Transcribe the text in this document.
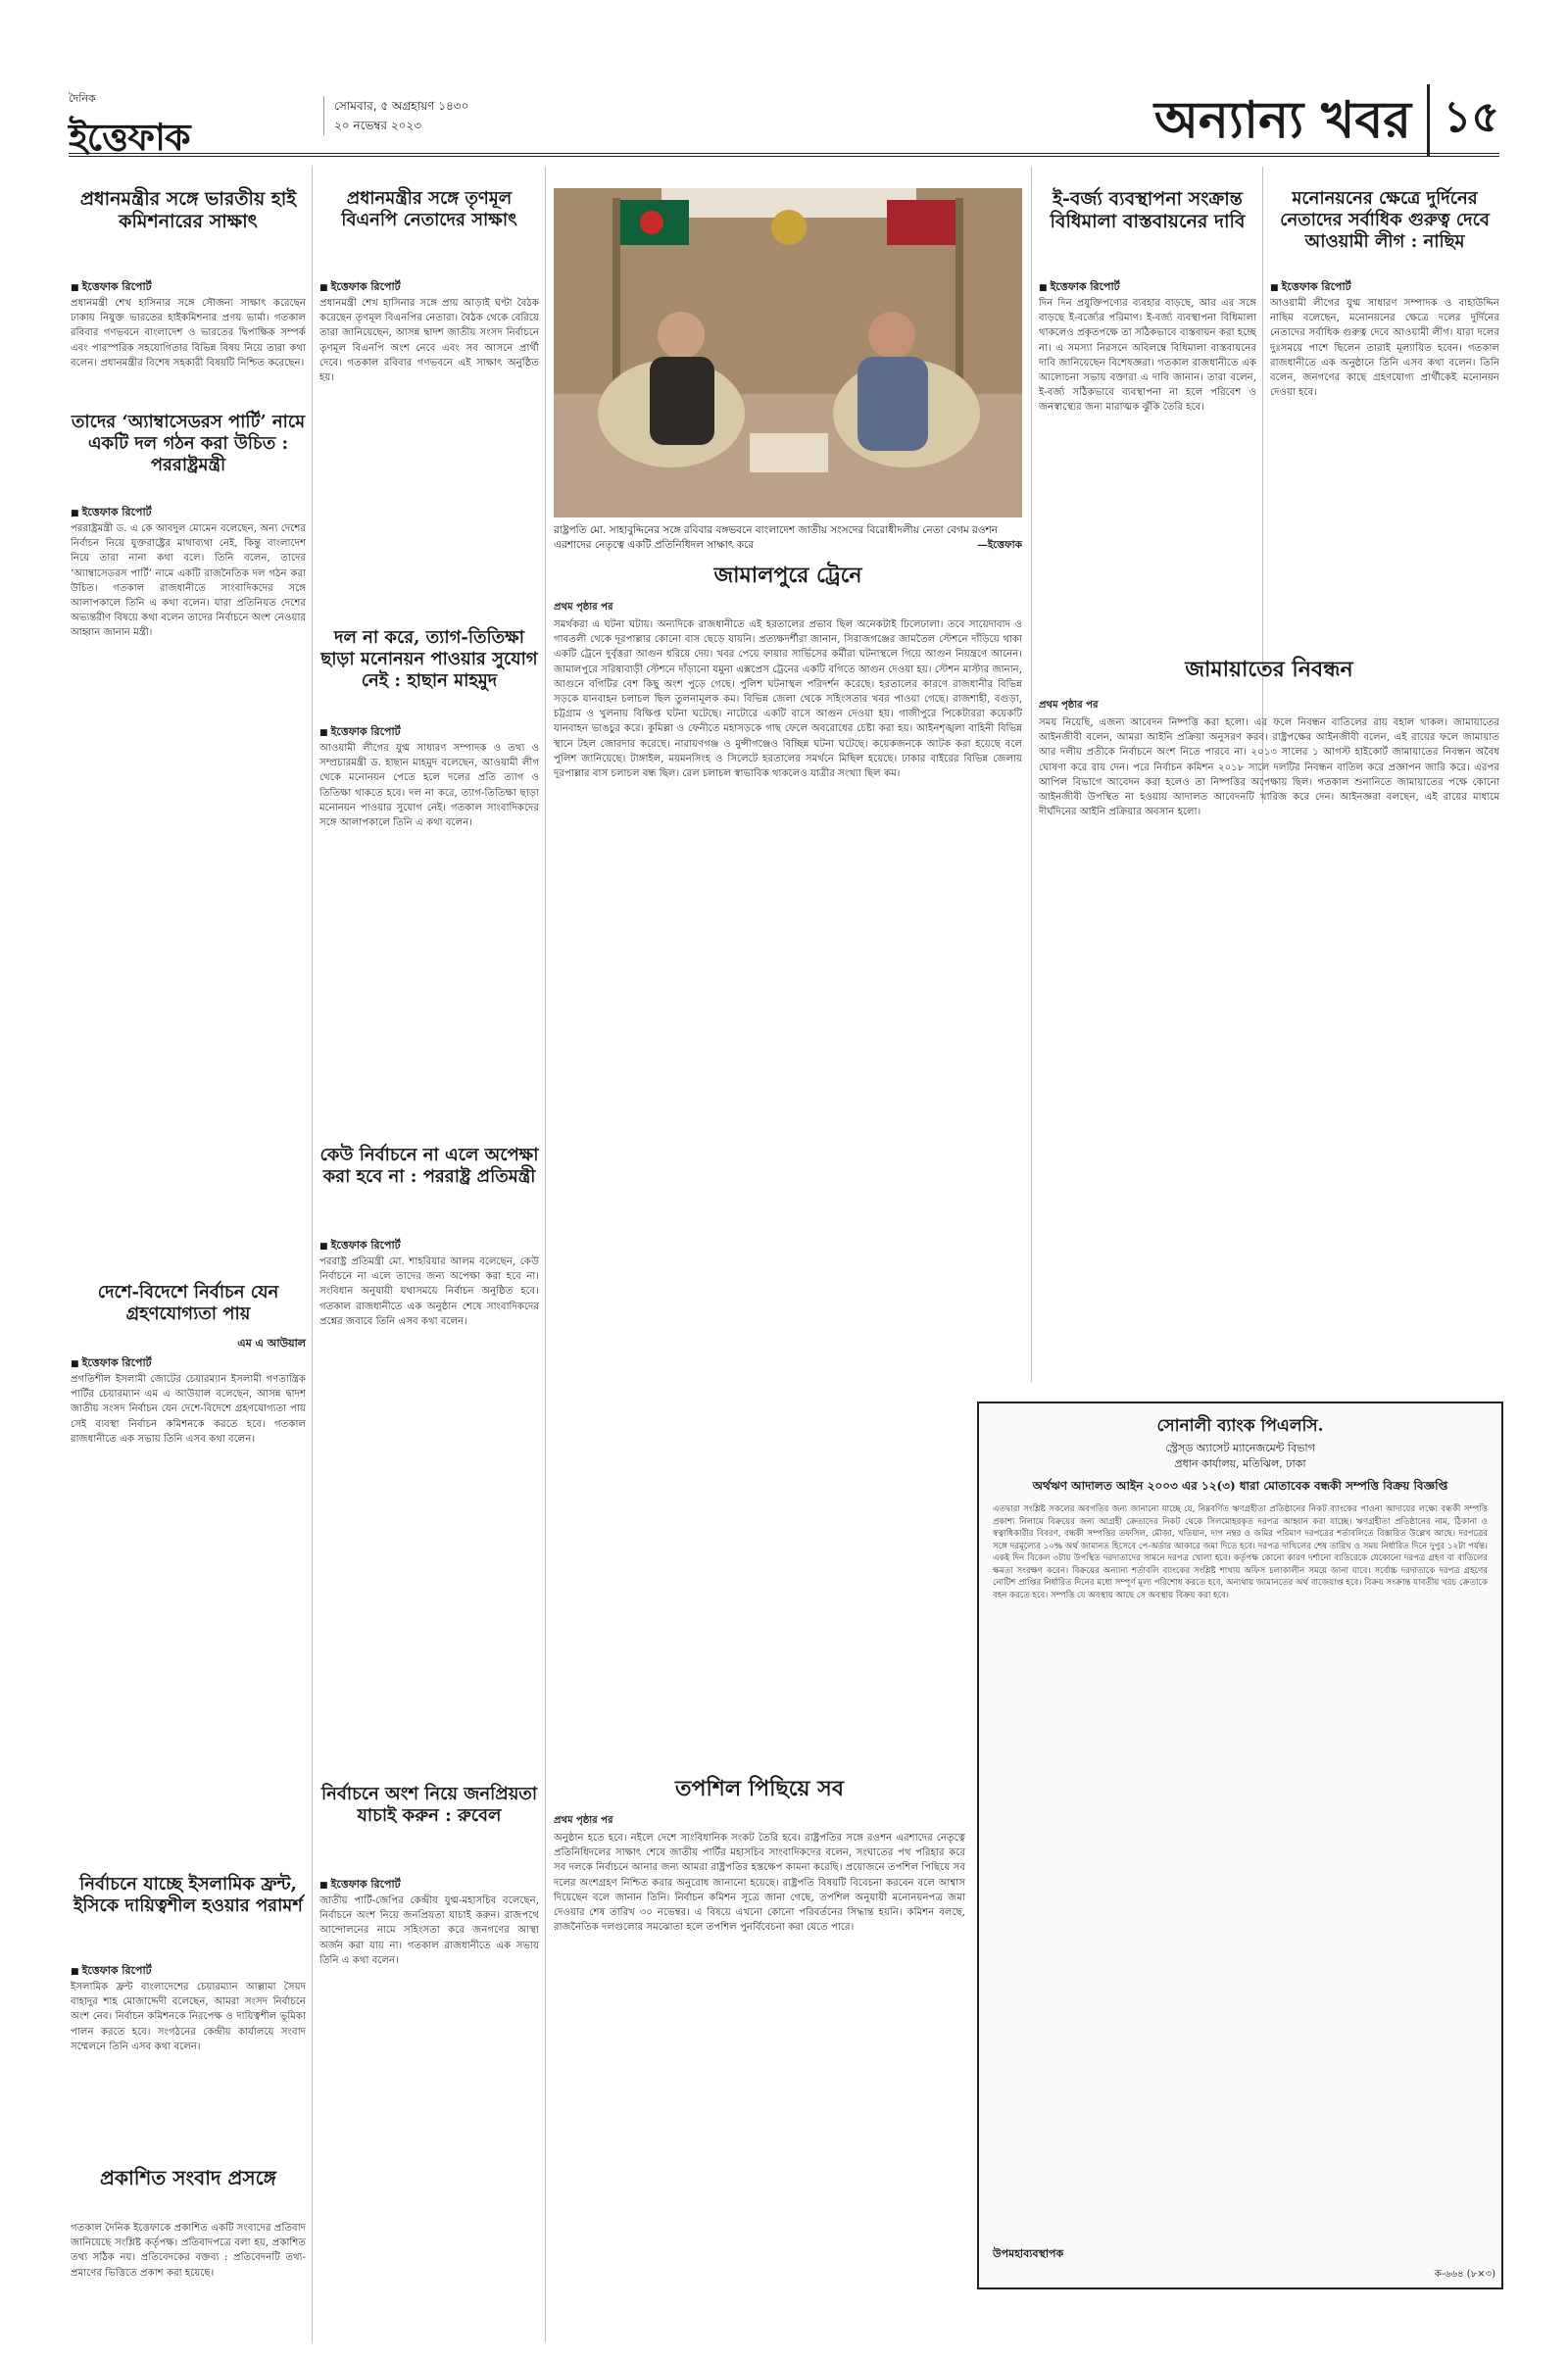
দৈনিক
ইত্তেফাক
সোমবার, ৫ অগ্রহায়ণ ১৪৩০
২০ নভেম্বর ২০২৩	অন্যান্য খবর ১৫
প্রধানমন্ত্রীর সঙ্গে ভারতীয় হাই কমিশনারের সাক্ষাৎ
■ ইত্তেফাক রিপোর্ট
প্রধানমন্ত্রী শেখ হাসিনার সঙ্গে সৌজন্য সাক্ষাৎ করেছেন ঢাকায় নিযুক্ত ভারতের হাইকমিশনার প্রণয় ভার্মা। গতকাল রবিবার গণভবনে বাংলাদেশ ও ভারতের দ্বিপাক্ষিক সম্পর্ক এবং পারস্পরিক সহযোগিতার বিভিন্ন বিষয় নিয়ে তারা কথা বলেন। প্রধানমন্ত্রীর বিশেষ সহকারী বিষয়টি নিশ্চিত করেছেন।
তাদের ‘অ্যাম্বাসেডরস পার্টি’ নামে একটি দল গঠন করা উচিত : পররাষ্ট্রমন্ত্রী
■ ইত্তেফাক রিপোর্ট
পররাষ্ট্রমন্ত্রী ড. এ কে আবদুল মোমেন বলেছেন, অন্য দেশের নির্বাচন নিয়ে যুক্তরাষ্ট্রের মাথাব্যথা নেই, কিন্তু বাংলাদেশ নিয়ে তারা নানা কথা বলে। তিনি বলেন, তাদের ‘অ্যাম্বাসেডরস পার্টি’ নামে একটি রাজনৈতিক দল গঠন করা উচিত। গতকাল রাজধানীতে সাংবাদিকদের সঙ্গে আলাপকালে তিনি এ কথা বলেন। যারা প্রতিনিয়ত দেশের অভ্যন্তরীণ বিষয়ে কথা বলেন তাদের নির্বাচনে অংশ নেওয়ার আহ্বান জানান মন্ত্রী।
দেশে-বিদেশে নির্বাচন যেন গ্রহণযোগ্যতা পায়
এম এ আউয়াল
■ ইত্তেফাক রিপোর্ট
প্রগতিশীল ইসলামী জোটের চেয়ারম্যান ইসলামী গণতান্ত্রিক পার্টির চেয়ারম্যান এম এ আউয়াল বলেছেন, আসন্ন দ্বাদশ জাতীয় সংসদ নির্বাচন যেন দেশে-বিদেশে গ্রহণযোগ্যতা পায় সেই ব্যবস্থা নির্বাচন কমিশনকে করতে হবে। গতকাল রাজধানীতে এক সভায় তিনি এসব কথা বলেন।
নির্বাচনে যাচ্ছে ইসলামিক ফ্রন্ট, ইসিকে দায়িত্বশীল হওয়ার পরামর্শ
■ ইত্তেফাক রিপোর্ট
ইসলামিক ফ্রন্ট বাংলাদেশের চেয়ারম্যান আল্লামা সৈয়দ বাহাদুর শাহ মোজাদ্দেদী বলেছেন, আমরা সংসদ নির্বাচনে অংশ নেব। নির্বাচন কমিশনকে নিরপেক্ষ ও দায়িত্বশীল ভূমিকা পালন করতে হবে। সংগঠনের কেন্দ্রীয় কার্যালয়ে সংবাদ সম্মেলনে তিনি এসব কথা বলেন।
প্রকাশিত সংবাদ প্রসঙ্গে
গতকাল দৈনিক ইত্তেফাকে প্রকাশিত একটি সংবাদের প্রতিবাদ জানিয়েছে সংশ্লিষ্ট কর্তৃপক্ষ। প্রতিবাদপত্রে বলা হয়, প্রকাশিত তথ্য সঠিক নয়। প্রতিবেদকের বক্তব্য : প্রতিবেদনটি তথ্য-প্রমাণের ভিত্তিতে প্রকাশ করা হয়েছে।
প্রধানমন্ত্রীর সঙ্গে তৃণমূল বিএনপি নেতাদের সাক্ষাৎ
■ ইত্তেফাক রিপোর্ট
প্রধানমন্ত্রী শেখ হাসিনার সঙ্গে প্রায় আড়াই ঘণ্টা বৈঠক করেছেন তৃণমূল বিএনপির নেতারা। বৈঠক থেকে বেরিয়ে তারা জানিয়েছেন, আসন্ন দ্বাদশ জাতীয় সংসদ নির্বাচনে তৃণমূল বিএনপি অংশ নেবে এবং সব আসনে প্রার্থী দেবে। গতকাল রবিবার গণভবনে এই সাক্ষাৎ অনুষ্ঠিত হয়।
দল না করে, ত্যাগ-তিতিক্ষা ছাড়া মনোনয়ন পাওয়ার সুযোগ নেই : হাছান মাহমুদ
■ ইত্তেফাক রিপোর্ট
আওয়ামী লীগের যুগ্ম সাধারণ সম্পাদক ও তথ্য ও সম্প্রচারমন্ত্রী ড. হাছান মাহমুদ বলেছেন, আওয়ামী লীগ থেকে মনোনয়ন পেতে হলে দলের প্রতি ত্যাগ ও তিতিক্ষা থাকতে হবে। দল না করে, ত্যাগ-তিতিক্ষা ছাড়া মনোনয়ন পাওয়ার সুযোগ নেই। গতকাল সাংবাদিকদের সঙ্গে আলাপকালে তিনি এ কথা বলেন।
কেউ নির্বাচনে না এলে অপেক্ষা করা হবে না : পররাষ্ট্র প্রতিমন্ত্রী
■ ইত্তেফাক রিপোর্ট
পররাষ্ট্র প্রতিমন্ত্রী মো. শাহরিয়ার আলম বলেছেন, কেউ নির্বাচনে না এলে তাদের জন্য অপেক্ষা করা হবে না। সংবিধান অনুযায়ী যথাসময়ে নির্বাচন অনুষ্ঠিত হবে। গতকাল রাজধানীতে এক অনুষ্ঠান শেষে সাংবাদিকদের প্রশ্নের জবাবে তিনি এসব কথা বলেন।
নির্বাচনে অংশ নিয়ে জনপ্রিয়তা যাচাই করুন : রুবেল
■ ইত্তেফাক রিপোর্ট
জাতীয় পার্টি-জেপির কেন্দ্রীয় যুগ্ম-মহাসচিব বলেছেন, নির্বাচনে অংশ নিয়ে জনপ্রিয়তা যাচাই করুন। রাজপথে আন্দোলনের নামে সহিংসতা করে জনগণের আস্থা অর্জন করা যায় না। গতকাল রাজধানীতে এক সভায় তিনি এ কথা বলেন।
রাষ্ট্রপতি মো. সাহাবুদ্দিনের সঙ্গে রবিবার বঙ্গভবনে বাংলাদেশ জাতীয় সংসদের বিরোধীদলীয় নেতা বেগম রওশন এরশাদের নেতৃত্বে একটি প্রতিনিধিদল সাক্ষাৎ করে	—ইত্তেফাক
জামালপুরে ট্রেনে
প্রথম পৃষ্ঠার পর
সমর্থকরা এ ঘটনা ঘটায়। অন্যদিকে রাজধানীতে এই হরতালের প্রভাব ছিল অনেকটাই ঢিলেঢালা। তবে সায়েদাবাদ ও গাবতলী থেকে দূরপাল্লার কোনো বাস ছেড়ে যায়নি। প্রত্যক্ষদর্শীরা জানান, সিরাজগঞ্জের জামতৈল স্টেশনে দাঁড়িয়ে থাকা একটি ট্রেনে দুর্বৃত্তরা আগুন ধরিয়ে দেয়। খবর পেয়ে ফায়ার সার্ভিসের কর্মীরা ঘটনাস্থলে গিয়ে আগুন নিয়ন্ত্রণে আনেন। জামালপুরে সরিষাবাড়ী স্টেশনে দাঁড়ানো যমুনা এক্সপ্রেস ট্রেনের একটি বগিতে আগুন দেওয়া হয়। স্টেশন মাস্টার জানান, আগুনে বগিটির বেশ কিছু অংশ পুড়ে গেছে। পুলিশ ঘটনাস্থল পরিদর্শন করেছে। হরতালের কারণে রাজধানীর বিভিন্ন সড়কে যানবাহন চলাচল ছিল তুলনামূলক কম। বিভিন্ন জেলা থেকে সহিংসতার খবর পাওয়া গেছে। রাজশাহী, বগুড়া, চট্টগ্রাম ও খুলনায় বিক্ষিপ্ত ঘটনা ঘটেছে। নাটোরে একটি বাসে আগুন দেওয়া হয়। গাজীপুরে পিকেটাররা কয়েকটি যানবাহন ভাঙচুর করে। কুমিল্লা ও ফেনীতে মহাসড়কে গাছ ফেলে অবরোধের চেষ্টা করা হয়। আইনশৃঙ্খলা বাহিনী বিভিন্ন স্থানে টহল জোরদার করেছে। নারায়ণগঞ্জ ও মুন্সীগঞ্জেও বিচ্ছিন্ন ঘটনা ঘটেছে। কয়েকজনকে আটক করা হয়েছে বলে পুলিশ জানিয়েছে। টাঙ্গাইল, ময়মনসিংহ ও সিলেটে হরতালের সমর্থনে মিছিল হয়েছে। ঢাকার বাইরের বিভিন্ন জেলায় দূরপাল্লার বাস চলাচল বন্ধ ছিল। রেল চলাচল স্বাভাবিক থাকলেও যাত্রীর সংখ্যা ছিল কম।
তপশিল পিছিয়ে সব
প্রথম পৃষ্ঠার পর
অনুষ্ঠান হতে হবে। নইলে দেশে সাংবিধানিক সংকট তৈরি হবে। রাষ্ট্রপতির সঙ্গে রওশন এরশাদের নেতৃত্বে প্রতিনিধিদলের সাক্ষাৎ শেষে জাতীয় পার্টির মহাসচিব সাংবাদিকদের বলেন, সংঘাতের পথ পরিহার করে সব দলকে নির্বাচনে আনার জন্য আমরা রাষ্ট্রপতির হস্তক্ষেপ কামনা করেছি। প্রয়োজনে তপশিল পিছিয়ে সব দলের অংশগ্রহণ নিশ্চিত করার অনুরোধ জানানো হয়েছে। রাষ্ট্রপতি বিষয়টি বিবেচনা করবেন বলে আশ্বাস দিয়েছেন বলে জানান তিনি। নির্বাচন কমিশন সূত্রে জানা গেছে, তপশিল অনুযায়ী মনোনয়নপত্র জমা দেওয়ার শেষ তারিখ ৩০ নভেম্বর। এ বিষয়ে এখনো কোনো পরিবর্তনের সিদ্ধান্ত হয়নি। কমিশন বলছে, রাজনৈতিক দলগুলোর সমঝোতা হলে তপশিল পুনর্বিবেচনা করা যেতে পারে।
ই-বর্জ্য ব্যবস্থাপনা সংক্রান্ত বিধিমালা বাস্তবায়নের দাবি
■ ইত্তেফাক রিপোর্ট
দিন দিন প্রযুক্তিপণ্যের ব্যবহার বাড়ছে, আর এর সঙ্গে বাড়ছে ই-বর্জ্যের পরিমাণ। ই-বর্জ্য ব্যবস্থাপনা বিধিমালা থাকলেও প্রকৃতপক্ষে তা সঠিকভাবে বাস্তবায়ন করা হচ্ছে না। এ সমস্যা নিরসনে অবিলম্বে বিধিমালা বাস্তবায়নের দাবি জানিয়েছেন বিশেষজ্ঞরা। গতকাল রাজধানীতে এক আলোচনা সভায় বক্তারা এ দাবি জানান। তারা বলেন, ই-বর্জ্য সঠিকভাবে ব্যবস্থাপনা না হলে পরিবেশ ও জনস্বাস্থ্যের জন্য মারাত্মক ঝুঁকি তৈরি হবে।
মনোনয়নের ক্ষেত্রে দুর্দিনের নেতাদের সর্বাধিক গুরুত্ব দেবে আওয়ামী লীগ : নাছিম
■ ইত্তেফাক রিপোর্ট
আওয়ামী লীগের যুগ্ম সাধারণ সম্পাদক ও বাহাউদ্দিন নাছিম বলেছেন, মনোনয়নের ক্ষেত্রে দলের দুর্দিনের নেতাদের সর্বাধিক গুরুত্ব দেবে আওয়ামী লীগ। যারা দলের দুঃসময়ে পাশে ছিলেন তারাই মূল্যায়িত হবেন। গতকাল রাজধানীতে এক অনুষ্ঠানে তিনি এসব কথা বলেন। তিনি বলেন, জনগণের কাছে গ্রহণযোগ্য প্রার্থীকেই মনোনয়ন দেওয়া হবে।
জামায়াতের নিবন্ধন
প্রথম পৃষ্ঠার পর
সময় নিয়েছি, এজন্য আবেদন নিষ্পত্তি করা হলো। এর ফলে নিবন্ধন বাতিলের রায় বহাল থাকল। জামায়াতের আইনজীবী বলেন, আমরা আইনি প্রক্রিয়া অনুসরণ করব। রাষ্ট্রপক্ষের আইনজীবী বলেন, এই রায়ের ফলে জামায়াত আর দলীয় প্রতীকে নির্বাচনে অংশ নিতে পারবে না। ২০১৩ সালের ১ আগস্ট হাইকোর্ট জামায়াতের নিবন্ধন অবৈধ ঘোষণা করে রায় দেন। পরে নির্বাচন কমিশন ২০১৮ সালে দলটির নিবন্ধন বাতিল করে প্রজ্ঞাপন জারি করে। এরপর আপিল বিভাগে আবেদন করা হলেও তা নিষ্পত্তির অপেক্ষায় ছিল। গতকাল শুনানিতে জামায়াতের পক্ষে কোনো আইনজীবী উপস্থিত না হওয়ায় আদালত আবেদনটি খারিজ করে দেন। আইনজ্ঞরা বলছেন, এই রায়ের মাধ্যমে দীর্ঘদিনের আইনি প্রক্রিয়ার অবসান হলো।
সোনালী ব্যাংক পিএলসি.
স্ট্রেস্ড অ্যাসেট ম্যানেজমেন্ট বিভাগ
প্রধান কার্যালয়, মতিঝিল, ঢাকা
অর্থঋণ আদালত আইন ২০০৩ এর ১২(৩) ধারা মোতাবেক বন্ধকী সম্পত্তি বিক্রয় বিজ্ঞপ্তি
এতদ্বারা সংশ্লিষ্ট সকলের অবগতির জন্য জানানো যাচ্ছে যে, নিম্নবর্ণিত ঋণগ্রহীতা প্রতিষ্ঠানের নিকট ব্যাংকের পাওনা আদায়ের লক্ষ্যে বন্ধকী সম্পত্তি প্রকাশ্য নিলামে বিক্রয়ের জন্য আগ্রহী ক্রেতাদের নিকট থেকে সিলমোহরকৃত দরপত্র আহ্বান করা যাচ্ছে। ঋণগ্রহীতা প্রতিষ্ঠানের নাম, ঠিকানা ও স্বত্বাধিকারীর বিবরণ, বন্ধকী সম্পত্তির তফসিল, মৌজা, খতিয়ান, দাগ নম্বর ও জমির পরিমাণ দরপত্রের শর্তাবলিতে বিস্তারিত উল্লেখ আছে। দরপত্রের সঙ্গে দরমূল্যের ১০% অর্থ জামানত হিসেবে পে-অর্ডার আকারে জমা দিতে হবে। দরপত্র দাখিলের শেষ তারিখ ও সময় নির্ধারিত দিনে দুপুর ১২টা পর্যন্ত। একই দিন বিকেল ৩টায় উপস্থিত দরদাতাদের সামনে দরপত্র খোলা হবে। কর্তৃপক্ষ কোনো কারণ দর্শানো ব্যতিরেকে যেকোনো দরপত্র গ্রহণ বা বাতিলের ক্ষমতা সংরক্ষণ করেন। বিক্রয়ের অন্যান্য শর্তাবলি ব্যাংকের সংশ্লিষ্ট শাখায় অফিস চলাকালীন সময়ে জানা যাবে। সর্বোচ্চ দরদাতাকে দরপত্র গ্রহণের নোটিশ প্রাপ্তির নির্ধারিত দিনের মধ্যে সম্পূর্ণ মূল্য পরিশোধ করতে হবে, অন্যথায় জামানতের অর্থ বাজেয়াপ্ত হবে। বিক্রয় সংক্রান্ত যাবতীয় খরচ ক্রেতাকে বহন করতে হবে। সম্পত্তি যে অবস্থায় আছে সে অবস্থায় বিক্রয় করা হবে।
উপমহাব্যবস্থাপক
ক-৬৬৪ (৮×৩)
